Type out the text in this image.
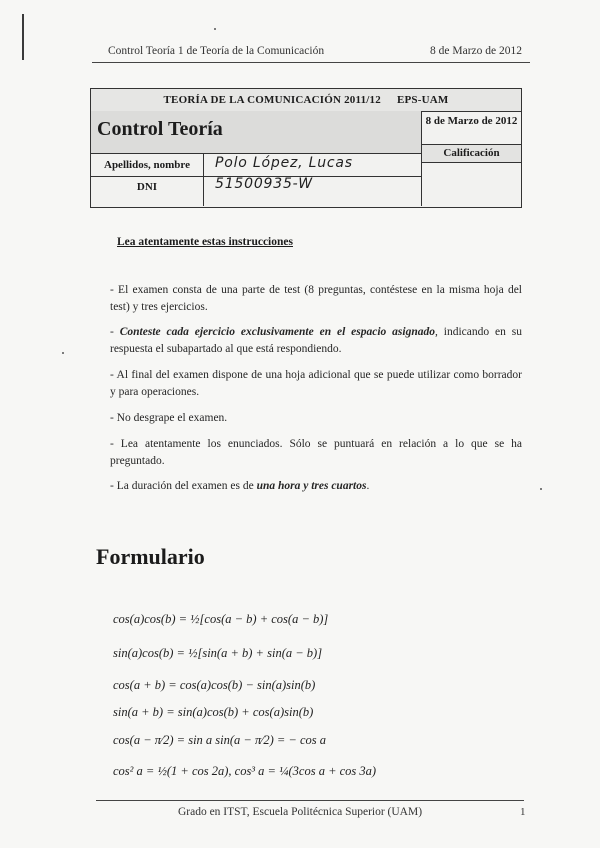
Control Teoría 1 de Teoría de la Comunicación	8 de Marzo de 2012
TEORÍA DE LA COMUNICACIÓN 2011/12 EPS-UAM
Control Teoría	8 de Marzo de 2012
Calificación
Apellidos, nombre	Polo López, Lucas
DNI	51500935-W
Lea atentamente estas instrucciones
- El examen consta de una parte de test (8 preguntas, contéstese en la misma hoja del test) y tres ejercicios.
- Conteste cada ejercicio exclusivamente en el espacio asignado, indicando en su respuesta el subapartado al que está respondiendo.
- Al final del examen dispone de una hoja adicional que se puede utilizar como borrador y para operaciones.
- No desgrape el examen.
- Lea atentamente los enunciados. Sólo se puntuará en relación a lo que se ha preguntado.
- La duración del examen es de una hora y tres cuartos.
Formulario
cos(a)cos(b) = ½[cos(a − b) + cos(a − b)]
sin(a)cos(b) = ½[sin(a + b) + sin(a − b)]
cos(a + b) = cos(a)cos(b) − sin(a)sin(b)
sin(a + b) = sin(a)cos(b) + cos(a)sin(b)
cos(a − π⁄2) = sin a sin(a − π⁄2) = − cos a
cos² a = ½(1 + cos 2a), cos³ a = ¼(3cos a + cos 3a)
Grado en ITST, Escuela Politécnica Superior (UAM)	1
